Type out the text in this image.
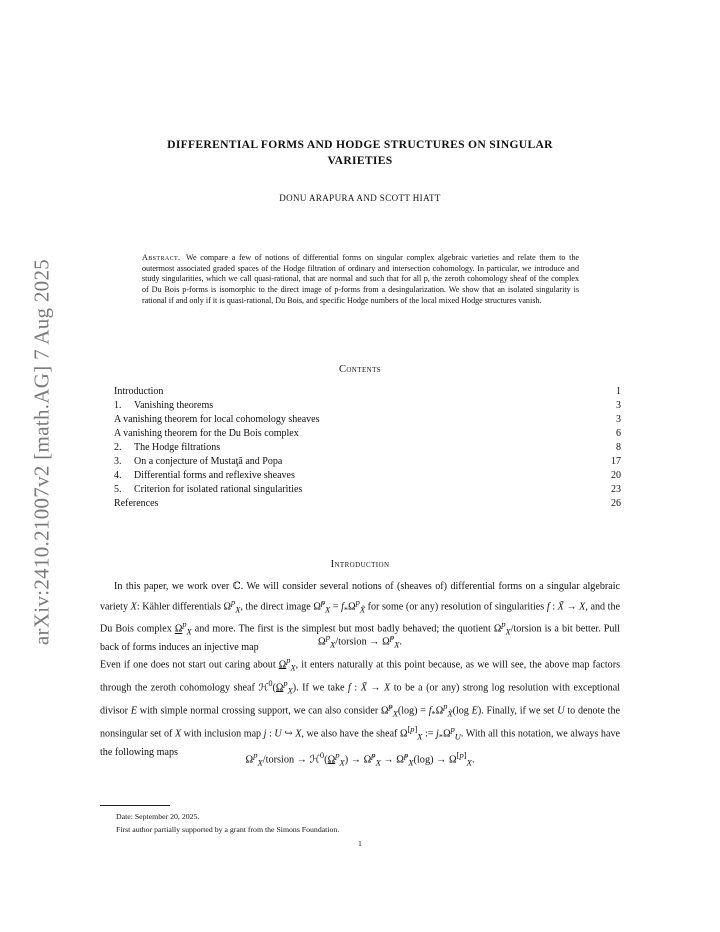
arXiv:2410.21007v2 [math.AG] 7 Aug 2025
DIFFERENTIAL FORMS AND HODGE STRUCTURES ON SINGULAR
VARIETIES
DONU ARAPURA AND SCOTT HIATT
Abstract. We compare a few of notions of differential forms on singular complex algebraic varieties and relate them to the outermost associated graded spaces of the Hodge filtration of ordinary and intersection cohomology. In particular, we introduce and study singularities, which we call quasi-rational, that are normal and such that for all p, the zeroth cohomology sheaf of the complex of Du Bois p-forms is isomorphic to the direct image of p-forms from a desingularization. We show that an isolated singularity is rational if and only if it is quasi-rational, Du Bois, and specific Hodge numbers of the local mixed Hodge structures vanish.
Contents
Introduction	1
1. Vanishing theorems	3
A vanishing theorem for local cohomology sheaves	3
A vanishing theorem for the Du Bois complex	6
2. The Hodge filtrations	8
3. On a conjecture of Mustaţă and Popa	17
4. Differential forms and reflexive sheaves	20
5. Criterion for isolated rational singularities	23
References	26
Introduction
In this paper, we work over ℂ. We will consider several notions of (sheaves of) differential forms on a singular algebraic variety X: Kähler differentials $\Omega^p_X$, the direct image Ω̃$^p_X$ = $f_*\Omega^p_{X̃}$ for some (or any) resolution of singularities f : X̃ → X, and the Du Bois complex $\Omega^p_X$ and more. The first is the simplest but most badly behaved; the quotient $\Omega^p_X$/torsion is a bit better. Pull back of forms induces an injective map
$\Omega^p_X$/torsion → Ω̃$^p_X$.
Even if one does not start out caring about $\Omega^p_X$, it enters naturally at this point because, as we will see, the above map factors through the zeroth cohomology sheaf $ℋ^0(\Omega^p_X)$. If we take f : X̃ → X to be a (or any) strong log resolution with exceptional divisor E with simple normal crossing support, we can also consider Ω̃$^p_X$(log) = $f_*\Omega^p_{X̃}(\log$ E). Finally, if we set U to denote the nonsingular set of X with inclusion map j : U ↪ X, we also have the sheaf $\Omega[p]_X$ := $j_*\Omega^p_U$. With all this notation, we always have the following maps
$\Omega^p_X$/torsion → $ℋ^0(\Omega^p_X)$ → Ω̃$^p_X$ → Ω̃$^p_X$(log) → $\Omega[p]_X$.
Date: September 20, 2025.
First author partially supported by a grant from the Simons Foundation.
1
